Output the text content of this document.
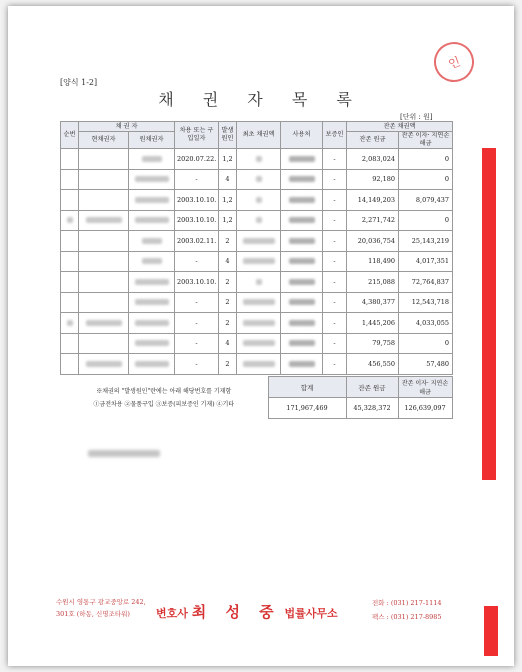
인
[양식 1-2]
채 권 자 목 록
[단위 : 원]
순번	채 권 자		차용 또는 구입일자	발생 원인	최초 채권액	사용처	보증인	잔존 채권액	
	현채권자	원채권자						잔존 원금	잔존 이자· 지연손해금
			2020.07.22.	1,2			-	2,083,024	0
			-	4			-	92,180	0
			2003.10.10.	1,2			-	14,149,203	8,079,437
			2003.10.10.	1,2			-	2,271,742	0
			2003.02.11.	2			-	20,036,754	25,143,219
			-	4			-	118,490	4,017,351
			2003.10.10.	2			-	215,088	72,764,837
			-	2			-	4,380,377	12,543,718
			-	2			-	1,445,206	4,033,055
			-	4			-	79,758	0
			-	2			-	456,550	57,480
※채권의 "발생원인"란에는 아래 해당번호를 기재함
①금전차용 ②물품구입 ③보증(피보증인 기재) ④기타	합계	잔존 원금	잔존 이자· 지연손해금
	171,967,469	45,328,372	126,639,097
수원시 영통구 광교중앙로 242,
301호 (하동, 신명조타워)	변호사 최 성 중 법률사무소
전화 : (031) 217-1114
팩스 : (031) 217-8985
